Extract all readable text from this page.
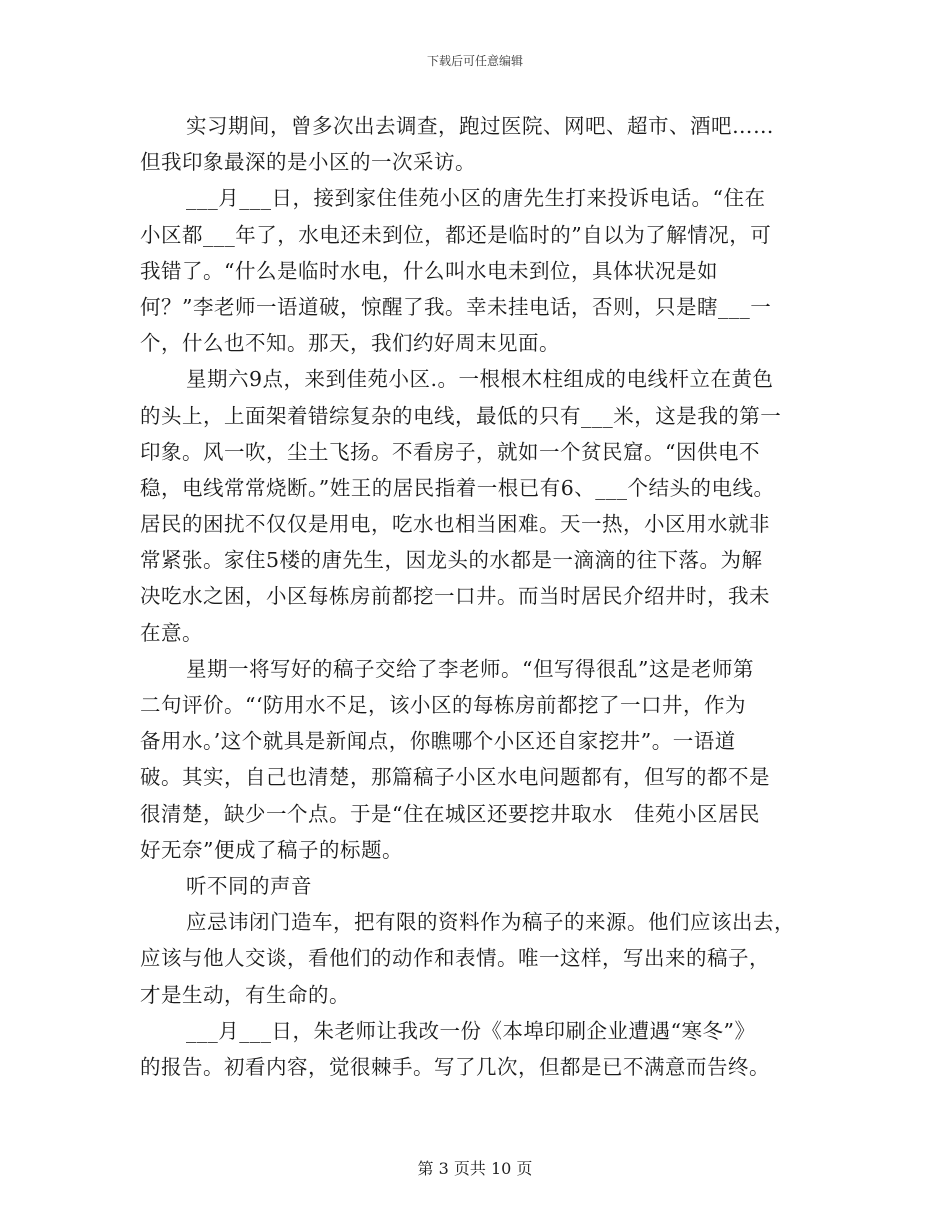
下载后可任意编辑
实习期间，曾多次出去调查，跑过医院、网吧、超市、酒吧……
但我印象最深的是小区的一次采访。
___月___日，接到家住佳苑小区的唐先生打来投诉电话。“住在
小区都___年了，水电还未到位，都还是临时的”自以为了解情况，可
我错了。“什么是临时水电，什么叫水电未到位，具体状况是如
何？”李老师一语道破，惊醒了我。幸未挂电话，否则，只是瞎___一
个，什么也不知。那天，我们约好周末见面。
星期六9点，来到佳苑小区.。一根根木柱组成的电线杆立在黄色
的头上，上面架着错综复杂的电线，最低的只有___米，这是我的第一
印象。风一吹，尘土飞扬。不看房子，就如一个贫民窟。“因供电不
稳，电线常常烧断。”姓王的居民指着一根已有6、___个结头的电线。
居民的困扰不仅仅是用电，吃水也相当困难。天一热，小区用水就非
常紧张。家住5楼的唐先生，因龙头的水都是一滴滴的往下落。为解
决吃水之困，小区每栋房前都挖一口井。而当时居民介绍井时，我未
在意。
星期一将写好的稿子交给了李老师。“但写得很乱”这是老师第
二句评价。“‘防用水不足，该小区的每栋房前都挖了一口井，作为
备用水。’这个就具是新闻点，你瞧哪个小区还自家挖井”。一语道
破。其实，自己也清楚，那篇稿子小区水电问题都有，但写的都不是
很清楚，缺少一个点。于是“住在城区还要挖井取水　佳苑小区居民
好无奈”便成了稿子的标题。
听不同的声音
应忌讳闭门造车，把有限的资料作为稿子的来源。他们应该出去，
应该与他人交谈，看他们的动作和表情。唯一这样，写出来的稿子，
才是生动，有生命的。
___月___日，朱老师让我改一份《本埠印刷企业遭遇“寒冬”》
的报告。初看内容，觉很棘手。写了几次，但都是已不满意而告终。
第 3 页共 10 页
